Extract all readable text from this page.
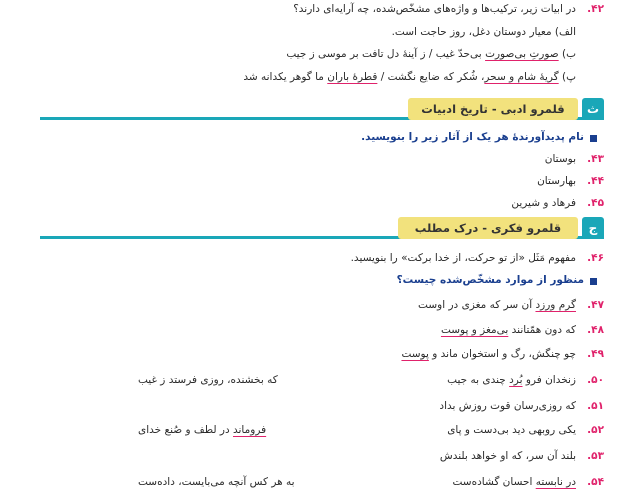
۴۲.
در ابیات زیر، ترکیب‌ها و واژه‌های مشخّص‌شده، چه آرایه‌ای دارند؟
الف) معیار دوستان دغل، روز حاجت است.
ب) صورتِ بی‌صورت بی‌حدّ غیب / ز آینهٔ دل تافت بر موسی ز جیب
پ) گریهٔ شام و سحر، شُکر که ضایع نگشت / قطرهٔ باران ما گوهر یکدانه شد
ث
قلمرو ادبی - تاریخ ادبیات
نام پدیدآورندهٔ هر یک از آثار زیر را بنویسید.
۴۳.
بوستان
۴۴.
بهارستان
۴۵.
فرهاد و شیرین
ج
قلمرو فکری - درک مطلب
۴۶.
مفهوم مَثَل «از تو حرکت، از خدا برکت» را بنویسید.
منظور از موارد مشخّص‌شده چیست؟
۴۷.
گرم ورزد آن سر که مغزی در اوست
۴۸.
که دون همّتانند بی‌مغز و پوست
۴۹.
چو چنگش، رگ و استخوان ماند و پوست
۵۰.
زنخدان فرو بُرد چندی به جیب
که بخشنده، روزی فرستد ز غیب
۵۱.
که روزی‌رسان قوت روزش بداد
۵۲.
یکی روبهی دید بی‌دست و پای
فروماند در لطف و صُنع خدای
۵۳.
بلند آن سر، که او خواهد بلندش
۵۴.
در نابسته احسان گشاده‌ست
به هر کس آنچه می‌بایست، داده‌ست
